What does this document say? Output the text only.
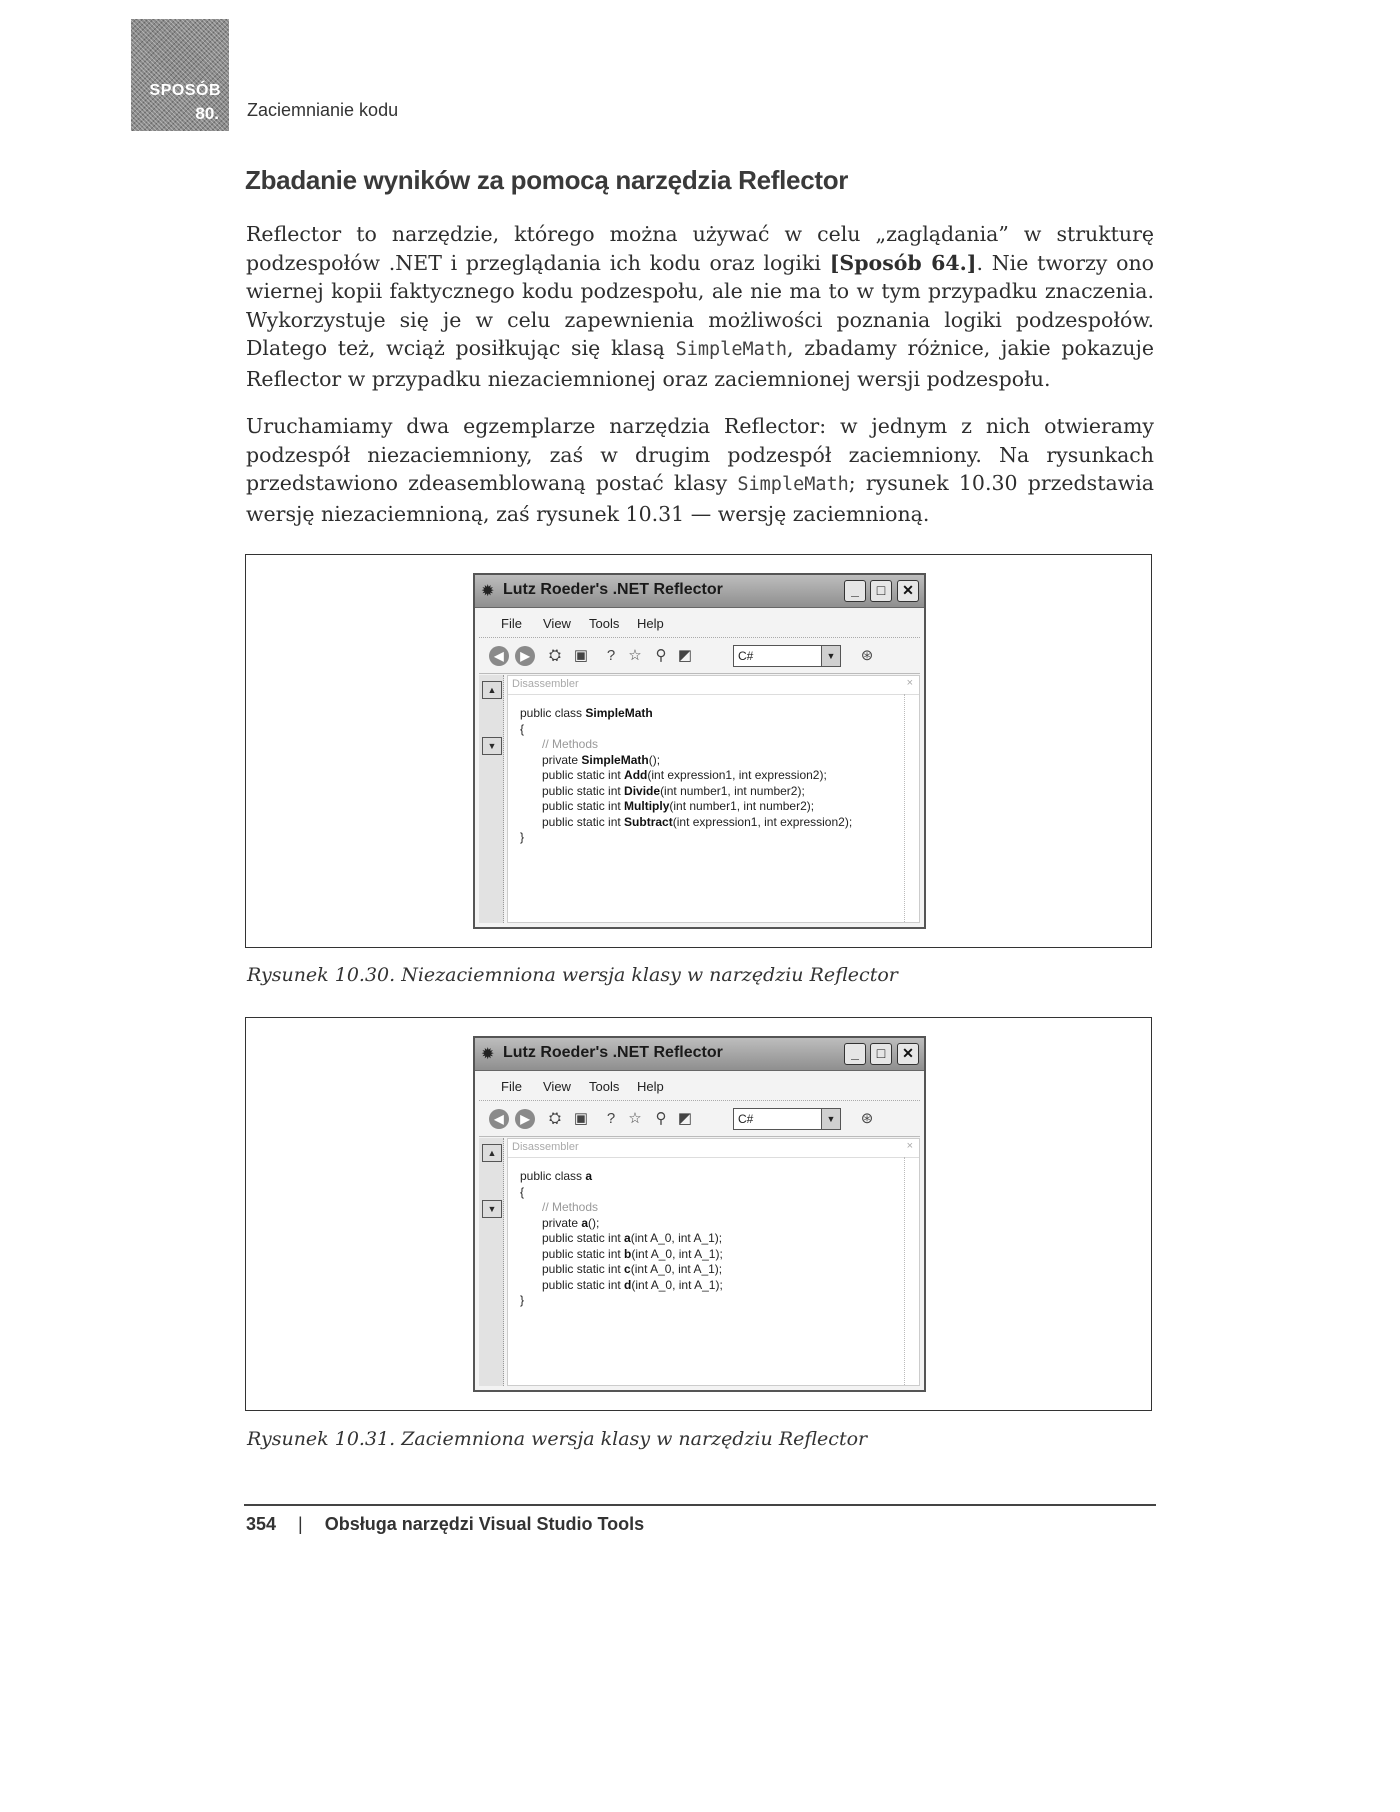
SPOSÓB
80. Zaciemnianie kodu
Zbadanie wyników za pomocą narzędzia Reflector

Reflector to narzędzie, którego można używać w celu „zaglądania” w strukturę podzespołów .NET i przeglądania ich kodu oraz logiki [Sposób 64.]. Nie tworzy ono wiernej kopii faktycznego kodu podzespołu, ale nie ma to w tym przypadku znaczenia. Wykorzystuje się je w celu zapewnienia możliwości poznania logiki podzespołów. Dlatego też, wciąż posiłkując się klasą SimpleMath, zbadamy różnice, jakie pokazuje Reflector w przypadku niezaciemnionej oraz zaciemnionej wersji podzespołu.

Uruchamiamy dwa egzemplarze narzędzia Reflector: w jednym z nich otwieramy podzespół niezaciemniony, zaś w drugim podzespół zaciemniony. Na rysunkach przedstawiono zdeasemblowaną postać klasy SimpleMath; rysunek 10.30 przedstawia wersję niezaciemnioną, zaś rysunek 10.31 — wersję zaciemnioną.

✹ Lutz Roeder's .NET Reflector	_	□	✕
File View Tools Help
◀	▶	⛭ ▣	? ☆ ⚲ ◩	C#	▼	⊛
▲
▼
Disassembler	×
public class SimpleMath
{
// Methods
private SimpleMath();
public static int Add(int expression1, int expression2);
public static int Divide(int number1, int number2);
public static int Multiply(int number1, int number2);
public static int Subtract(int expression1, int expression2);
}
Rysunek 10.30. Niezaciemniona wersja klasy w narzędziu Reflector
✹ Lutz Roeder's .NET Reflector	_	□	✕
File View Tools Help
◀	▶	⛭ ▣	? ☆ ⚲ ◩	C#	▼	⊛
▲
▼
Disassembler	×
public class a
{
// Methods
private a();
public static int a(int A_0, int A_1);
public static int b(int A_0, int A_1);
public static int c(int A_0, int A_1);
public static int d(int A_0, int A_1);
}
Rysunek 10.31. Zaciemniona wersja klasy w narzędziu Reflector
354 | Obsługa narzędzi Visual Studio Tools
